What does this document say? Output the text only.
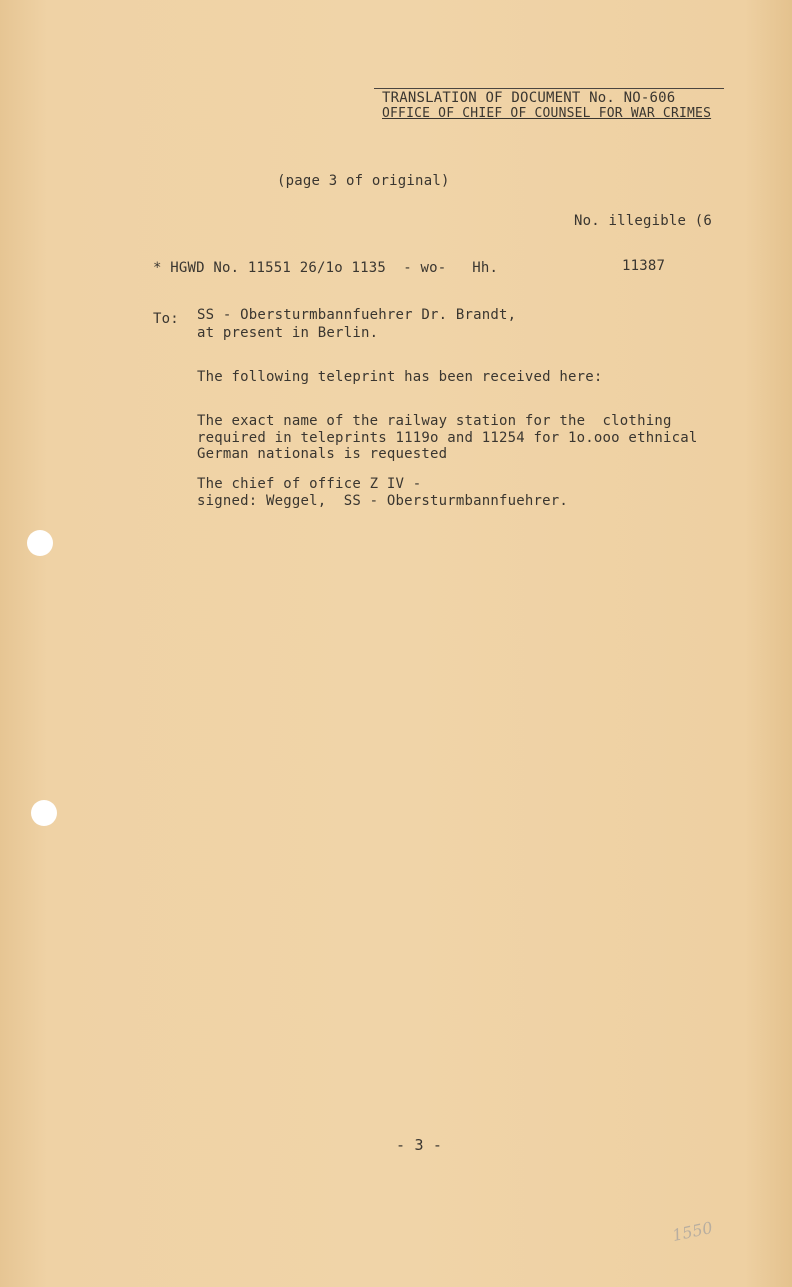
TRANSLATION OF DOCUMENT No. NO-606
OFFICE OF CHIEF OF COUNSEL FOR WAR CRIMES
(page 3 of original)
No. illegible (6
* HGWD No. 11551 26/1o 1135  - wo-   Hh.	11387
To: SS - Obersturmbannfuehrer Dr. Brandt,
at present in Berlin.
The following teleprint has been received here:
The exact name of the railway station for the  clothing
required in teleprints 1119o and 11254 for 1o.ooo ethnical
German nationals is requested
The chief of office Z IV -
signed: Weggel,  SS - Obersturmbannfuehrer.
- 3 -
1550
